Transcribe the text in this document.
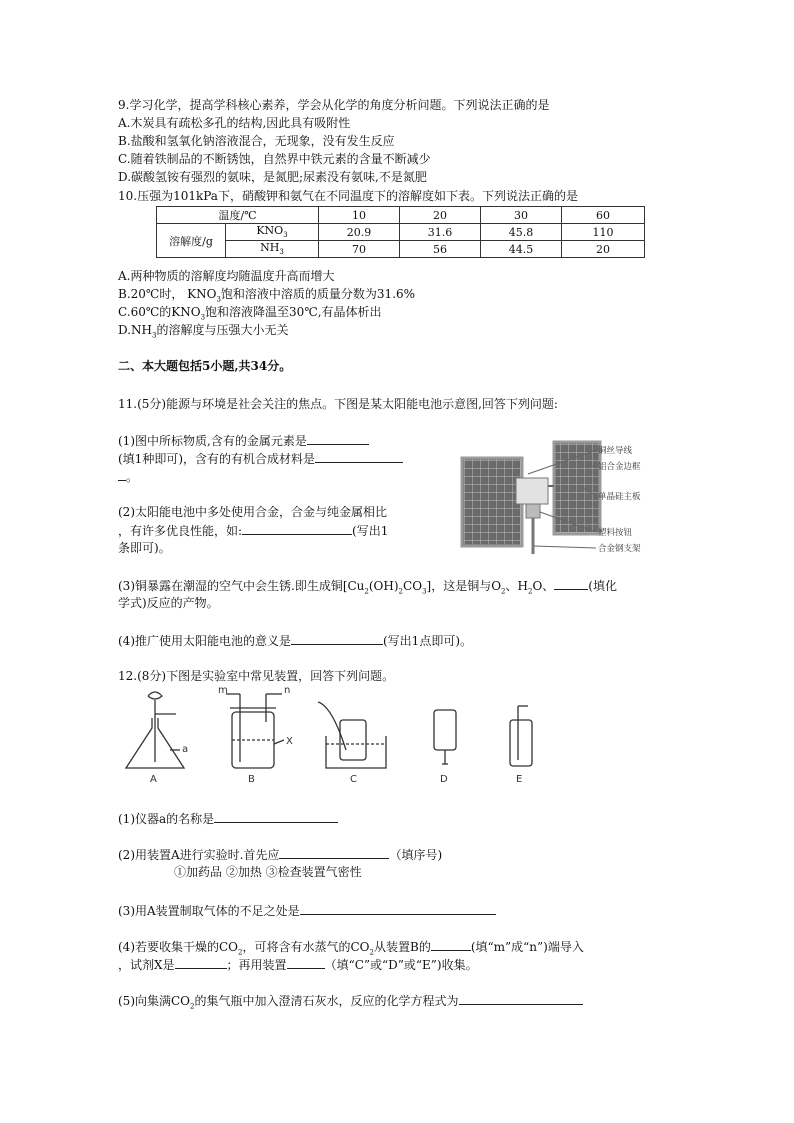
9.学习化学，提高学科核心素养，学会从化学的角度分析问题。下列说法正确的是
A.木炭具有疏松多孔的结构,因此具有吸附性
B.盐酸和氢氧化钠溶液混合，无现象，没有发生反应
C.随着铁制品的不断锈蚀，自然界中铁元素的含量不断减少
D.碳酸氢铵有强烈的氨味，是氮肥;尿素没有氨味,不是氮肥
10.压强为101kPa下，硝酸钾和氨气在不同温度下的溶解度如下表。下列说法正确的是
温度/℃		10	20	30	60
溶解度/g	$KNO_3$	20.9	31.6	45.8	110
	$NH_3$	70	56	44.5	20
A.两种物质的溶解度均随温度升高而增大
B.20℃时， $KNO_3$饱和溶液中溶质的质量分数为31.6%
C.60℃的$KNO_3$饱和溶液降温至30℃,有晶体析出
$D.NH_3$的溶解度与压强大小无关
二、本大题包括5小题,共34分。
11.(5分)能源与环境是社会关注的焦点。下图是某太阳能电池示意图,回答下列问题:
(1)图中所标物质,含有的金属元素是
(填1种即可)，含有的有机合成材料是
。
(2)太阳能电池中多处使用合金，合金与纯金属相比
，有许多优良性能，如:	(写出1
条即可)。
(3)铜暴露在潮湿的空气中会生锈.即生成铜$[Cu_2(OH)_2CO_3]$，这是铜与$O_2$、$H_2O$、	(填化
学式)反应的产物。
(4)推广使用太阳能电池的意义是	(写出1点即可)。
铜丝导线
铝合金边框
单晶硅主板
塑料按钮
合金钢支架
12.(8分)下图是实验室中常见装置，回答下列问题。
a
m	n
X
A	B	C	D	E
(1)仪器a的名称是
(2)用装置A进行实验时.首先应	（填序号)
①加药品 ②加热 ③检查装置气密性
(3)用A装置制取气体的不足之处是
(4)若要收集干燥的$CO_2$，可将含有水蒸气的$CO_2$从装置B的	(填“m”成“n”)端导入
，试剂X是	；再用装置	（填“C”或“D”或“E”)收集。
(5)向集满$CO_2$的集气瓶中加入澄清石灰水，反应的化学方程式为
